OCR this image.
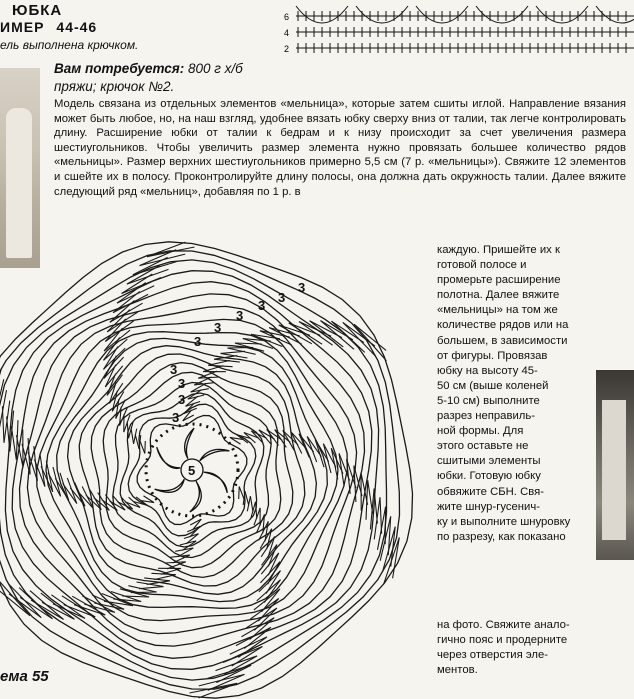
ЮБКА
ИМЕР 44-46
ель выполнена крючком.
6
4
2
Вам потребуется: 800 г х/б
пряжи; крючок №2.
Модель связана из отдельных элементов «мельница», которые затем сшиты иглой. Направление вязания может быть любое, но, на наш взгляд, удобнее вязать юбку сверху вниз от талии, так легче контролировать длину. Расширение юбки от талии к бедрам и к низу происходит за счет увеличения размера шестиугольников. Чтобы увеличить размер элемента нужно провязать большее количество рядов «мельницы». Размер верхних шестиугольников примерно 5,5 см (7 р. «мельницы»). Свяжите 12 элементов и сшейте их в полосу. Проконтролируйте длину полосы, она должна дать окружность талии. Далее вяжите следующий ряд «мельниц», добавляя по 1 р. в
каждую. Пришейте их к
готовой полосе и
промерьте расширение
полотна. Далее вяжите
«мельницы» на том же
количестве рядов или на
большем, в зависимости
от фигуры. Провязав
юбку на высоту 45-
50 см (выше коленей
5-10 см) выполните
разрез неправиль-
ной формы. Для
этого оставьте не
сшитыми элементы
юбки. Готовую юбку
обвяжите СБН. Свя-
жите шнур-гусенич-
ку и выполните шнуровку
по разрезу, как показано
на фото. Свяжите анало-
гично пояс и продерните
через отверстия эле-
ментов.
3
3
3
3
3
3
3
3
3
3
5
ема 55
